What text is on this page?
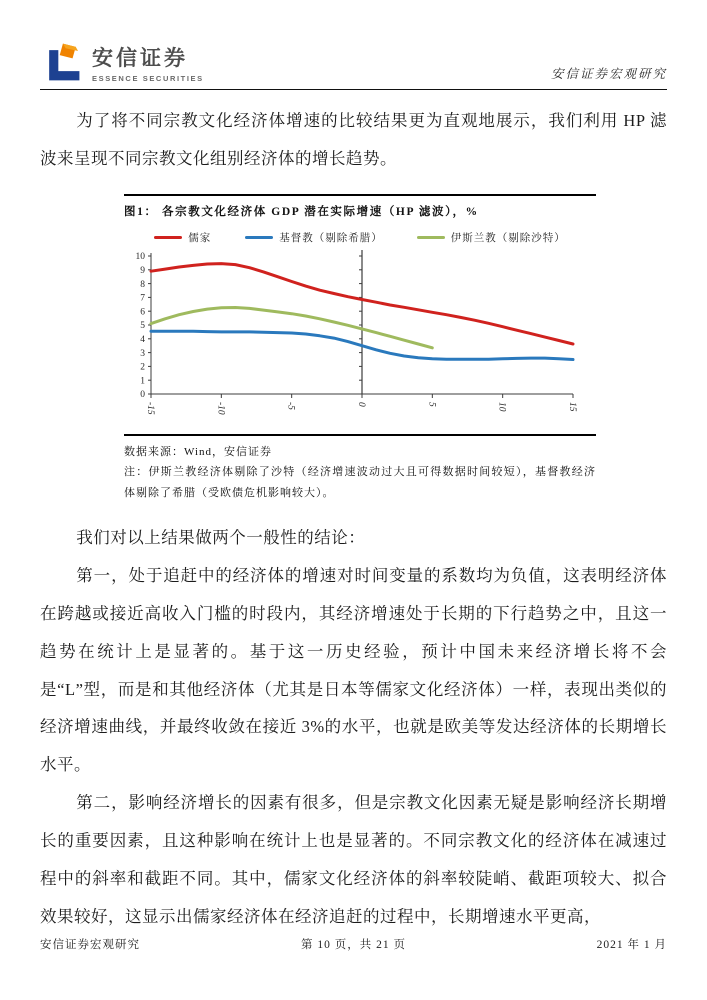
安信证券
ESSENCE SECURITIES	安信证券宏观研究

为了将不同宗教文化经济体增速的比较结果更为直观地展示，我们利用 HP 滤波来呈现不同宗教文化组别经济体的增长趋势。

图1： 各宗教文化经济体 GDP 潜在实际增速（HP 滤波），%
儒家	基督教（剔除希腊）	伊斯兰教（剔除沙特）
0
1
2
3
4
5
6
7
8
9
10
-15	-10	-5	0	5	10	15
数据来源：Wind，安信证券
注：伊斯兰教经济体剔除了沙特（经济增速波动过大且可得数据时间较短），基督教经济体剔除了希腊（受欧债危机影响较大）。

我们对以上结果做两个一般性的结论：

第一，处于追赶中的经济体的增速对时间变量的系数均为负值，这表明经济体在跨越或接近高收入门槛的时段内，其经济增速处于长期的下行趋势之中，且这一趋势在统计上是显著的。基于这一历史经验，预计中国未来经济增长将不会是“L”型，而是和其他经济体（尤其是日本等儒家文化经济体）一样，表现出类似的经济增速曲线，并最终收敛在接近 3%的水平，也就是欧美等发达经济体的长期增长水平。

第二，影响经济增长的因素有很多，但是宗教文化因素无疑是影响经济长期增长的重要因素，且这种影响在统计上也是显著的。不同宗教文化的经济体在减速过程中的斜率和截距不同。其中，儒家文化经济体的斜率较陡峭、截距项较大、拟合效果较好，这显示出儒家经济体在经济追赶的过程中，长期增速水平更高，

安信证券宏观研究	第 10 页，共 21 页	2021 年 1 月
